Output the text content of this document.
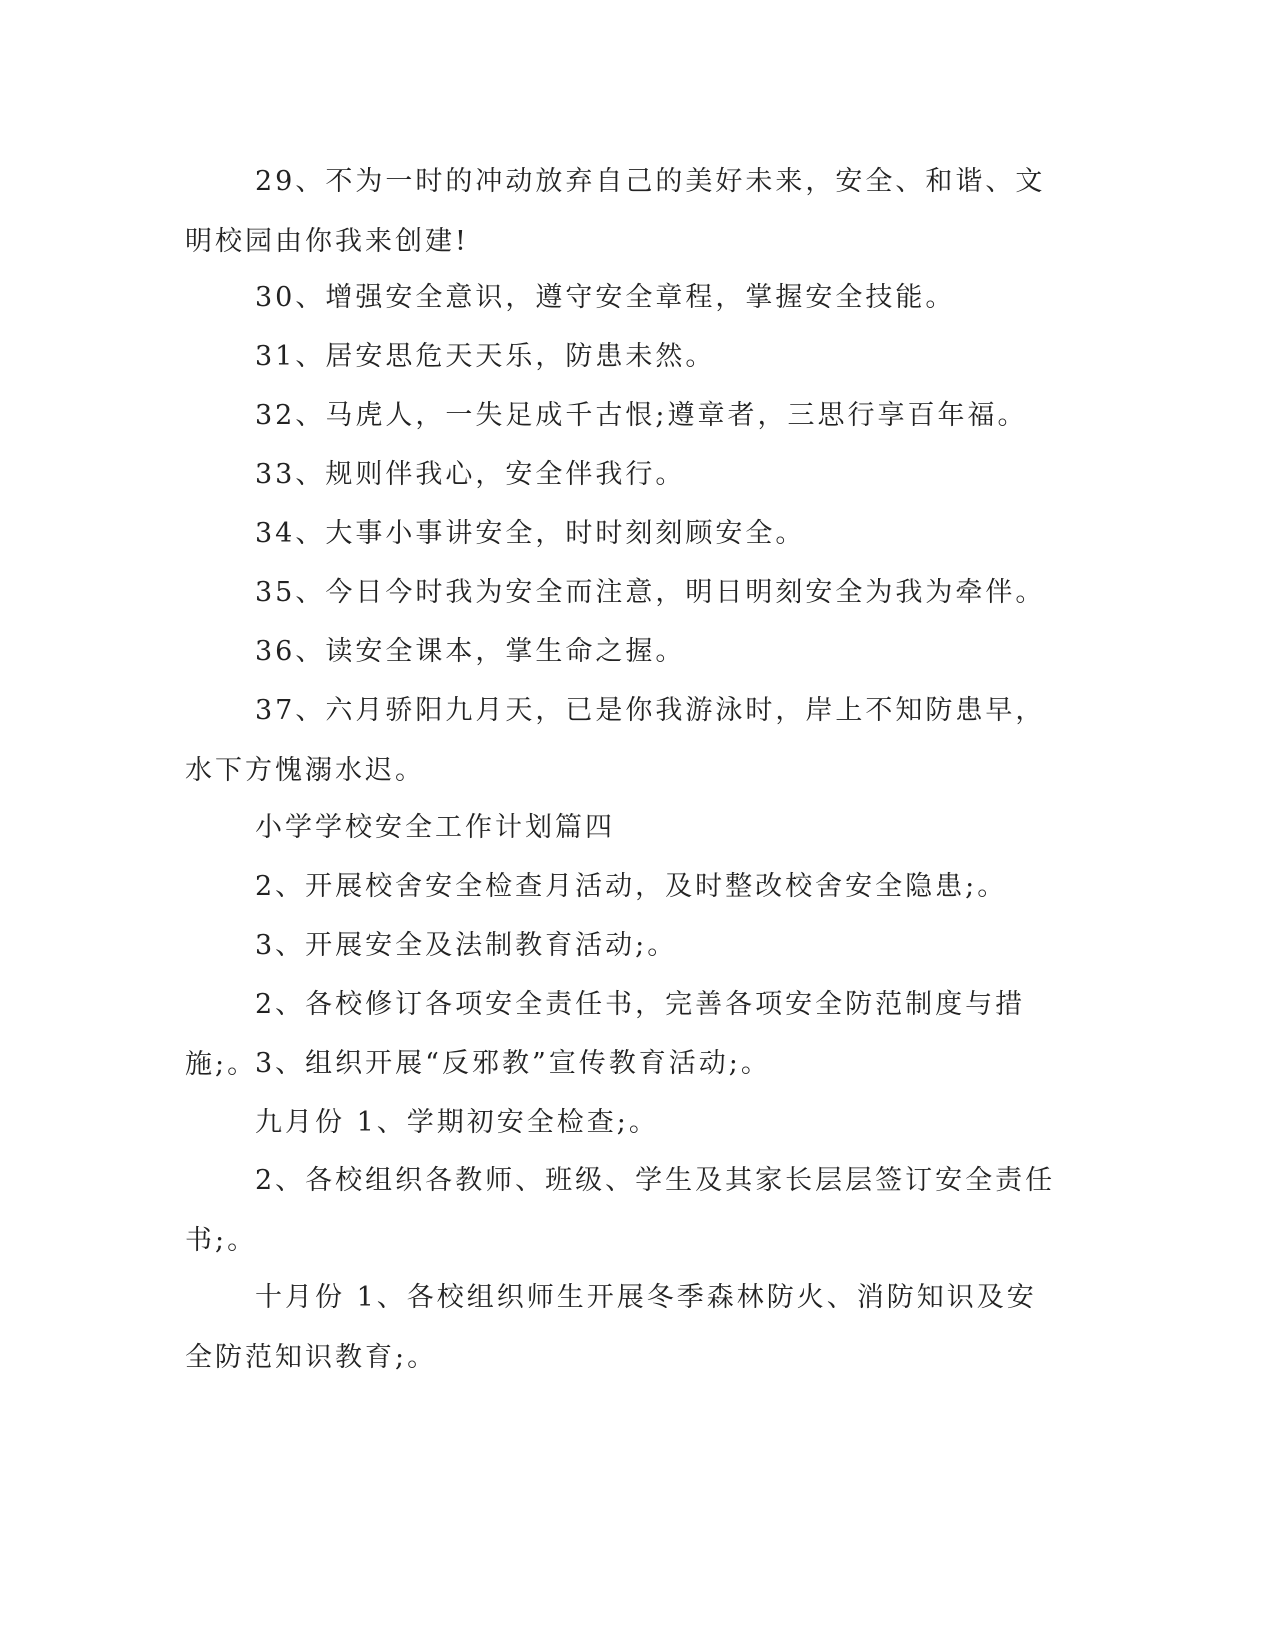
29、不为一时的冲动放弃自己的美好未来，安全、和谐、文明校园由你我来创建!

30、增强安全意识，遵守安全章程，掌握安全技能。

31、居安思危天天乐，防患未然。

32、马虎人，一失足成千古恨;遵章者，三思行享百年福。

33、规则伴我心，安全伴我行。

34、大事小事讲安全，时时刻刻顾安全。

35、今日今时我为安全而注意，明日明刻安全为我为牵伴。

36、读安全课本，掌生命之握。

37、六月骄阳九月天，已是你我游泳时，岸上不知防患早，水下方愧溺水迟。

小学学校安全工作计划篇四

2、开展校舍安全检查月活动，及时整改校舍安全隐患;。

3、开展安全及法制教育活动;。

2、各校修订各项安全责任书，完善各项安全防范制度与措施;。

3、组织开展“反邪教”宣传教育活动;。

九月份 1、学期初安全检查;。

2、各校组织各教师、班级、学生及其家长层层签订安全责任书;。

十月份 1、各校组织师生开展冬季森林防火、消防知识及安全防范知识教育;。
